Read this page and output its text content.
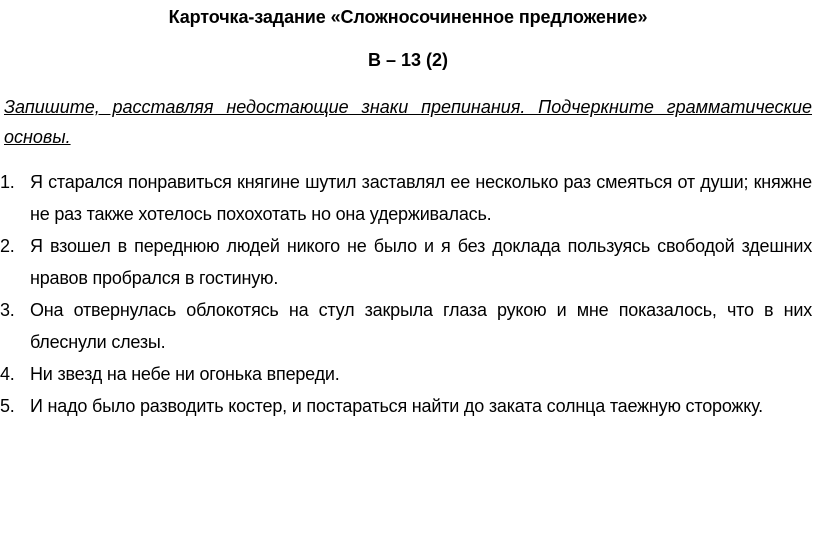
Карточка-задание «Сложносочиненное предложение»
В – 13 (2)
Запишите, расставляя недостающие знаки препинания. Подчеркните грамматические основы.
1. Я старался понравиться княгине шутил заставлял ее несколько раз смеяться от души; княжне не раз также хотелось похохотать но она удерживалась.
2. Я взошел в переднюю людей никого не было и я без доклада пользуясь свободой здешних нравов пробрался в гостиную.
3. Она отвернулась облокотясь на стул закрыла глаза рукою и мне показалось, что в них блеснули слезы.
4. Ни звезд на небе ни огонька впереди.
5. И надо было разводить костер, и постараться найти до заката солнца таежную сторожку.
